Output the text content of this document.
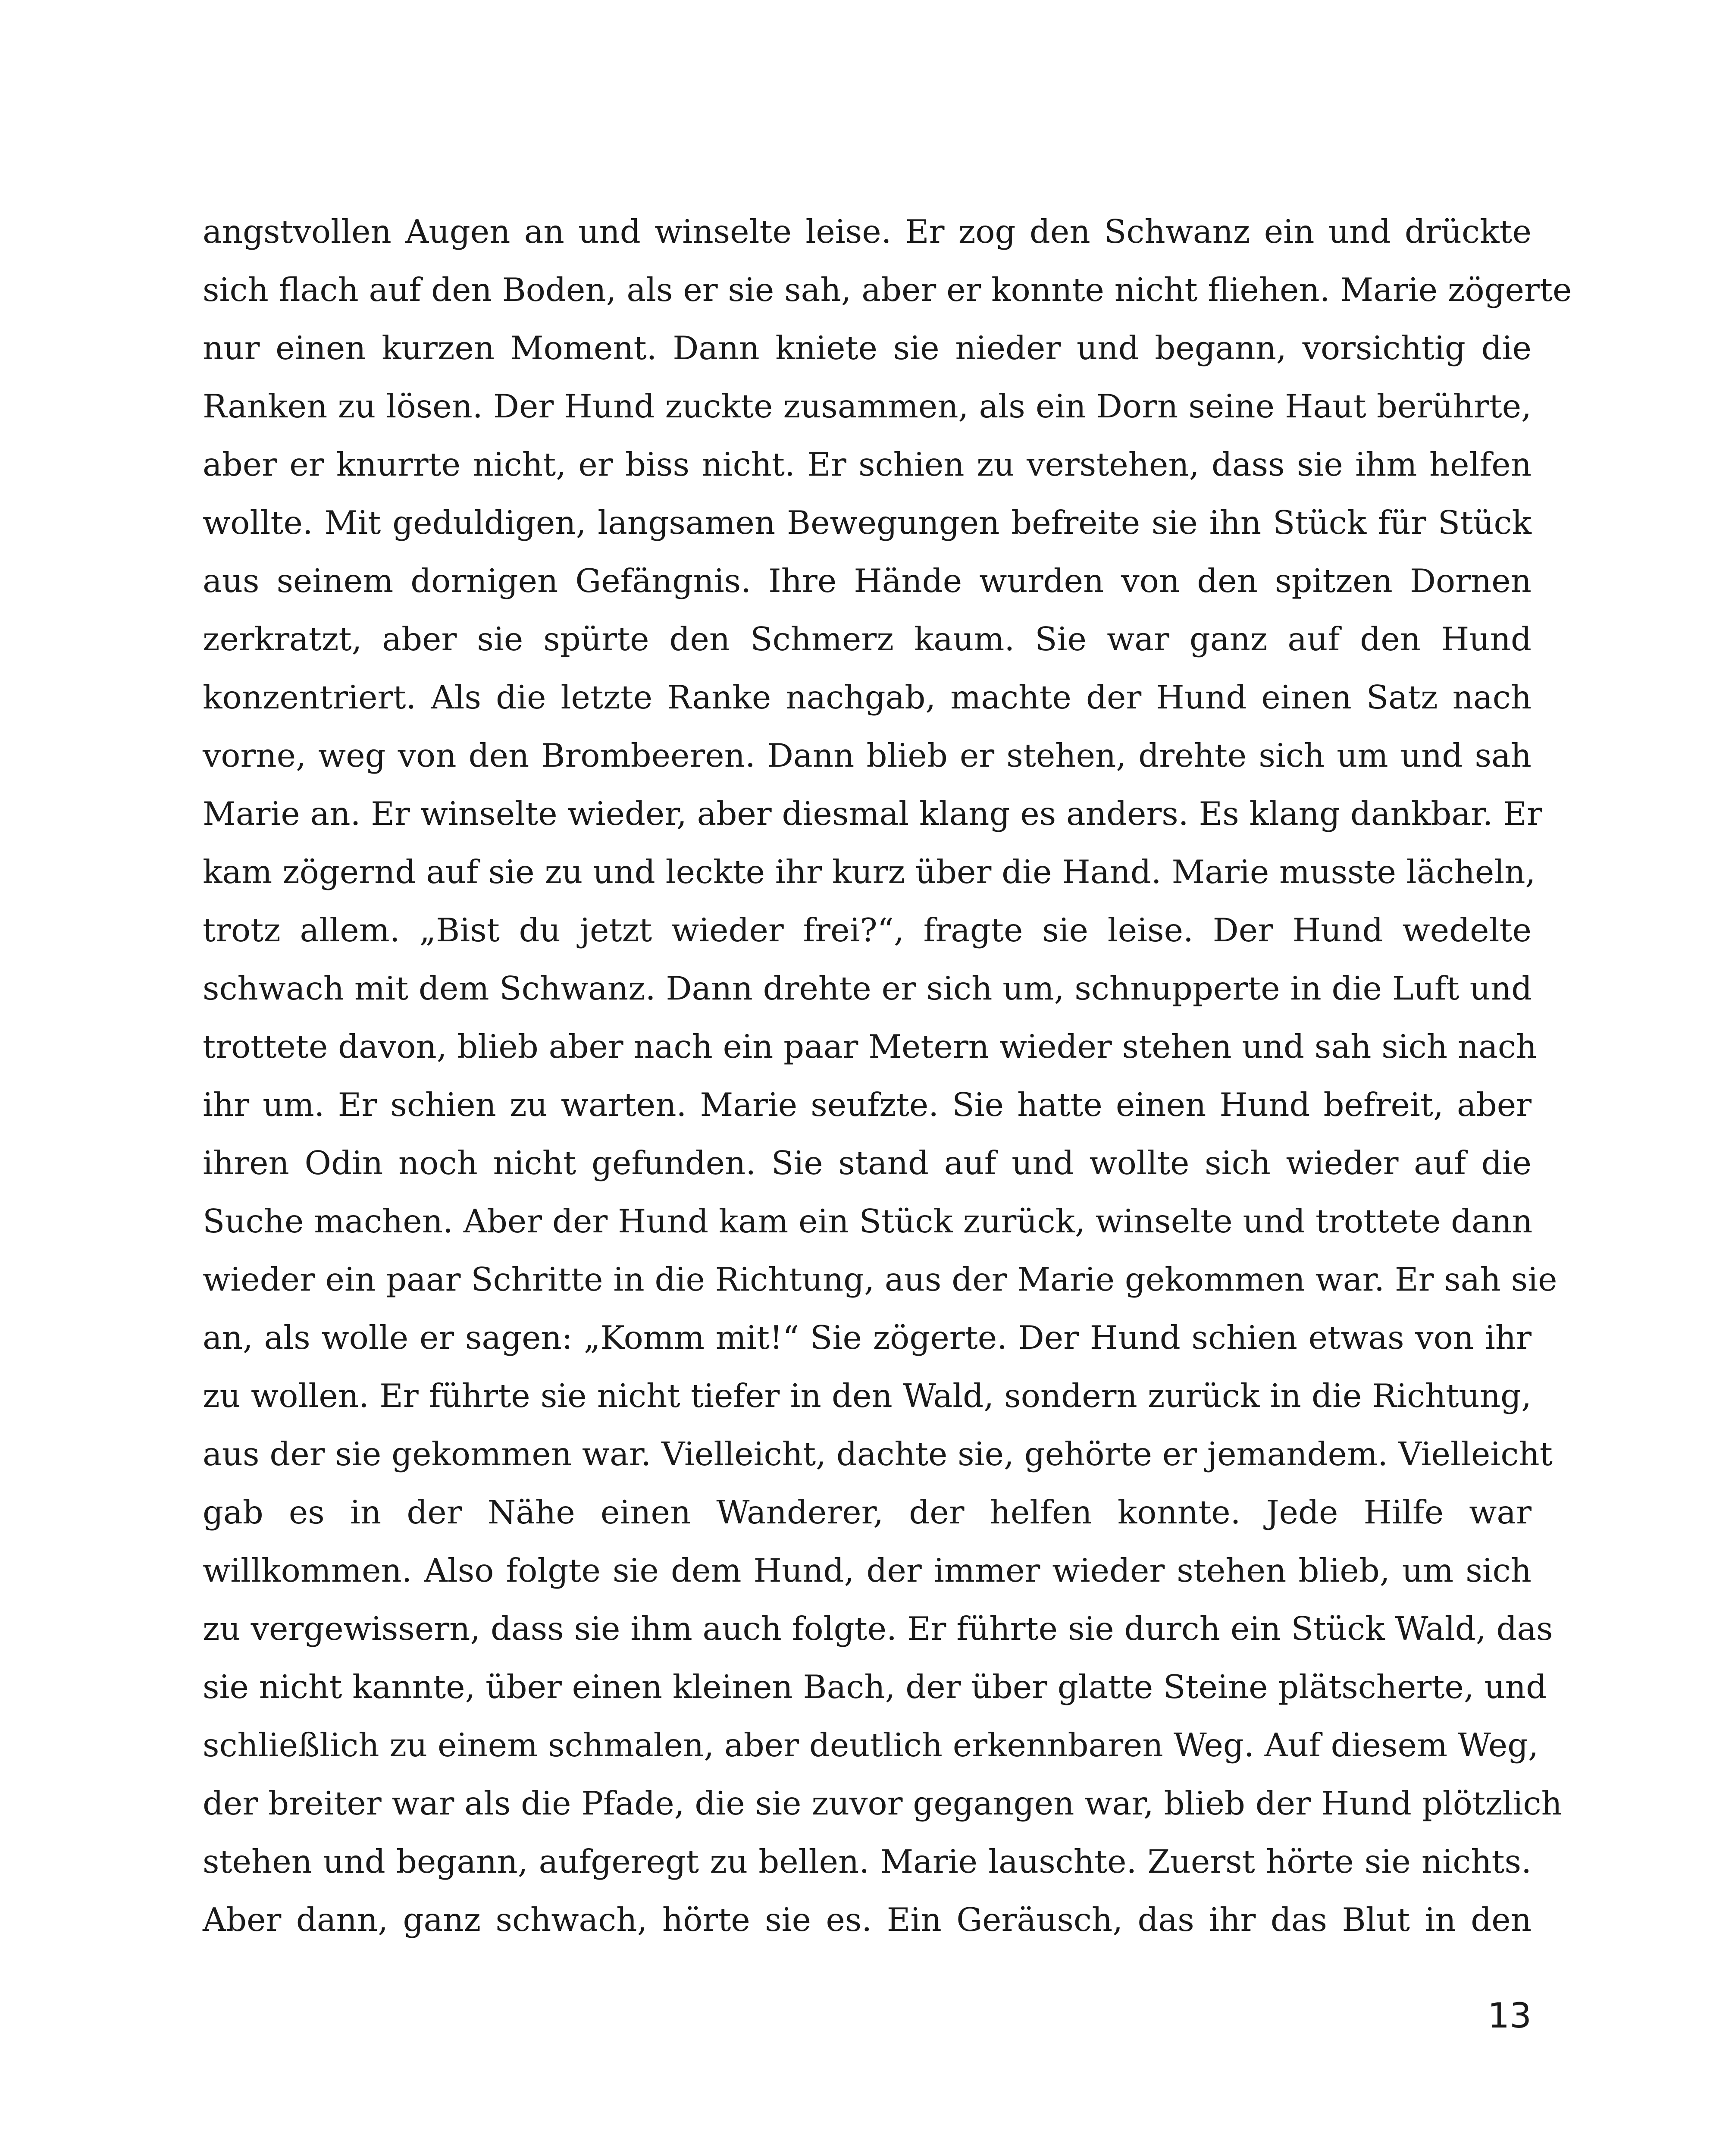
angstvollen Augen an und winselte leise. Er zog den Schwanz ein und drückte
sich flach auf den Boden, als er sie sah, aber er konnte nicht fliehen. Marie zögerte
nur einen kurzen Moment. Dann kniete sie nieder und begann, vorsichtig die
Ranken zu lösen. Der Hund zuckte zusammen, als ein Dorn seine Haut berührte,
aber er knurrte nicht, er biss nicht. Er schien zu verstehen, dass sie ihm helfen
wollte. Mit geduldigen, langsamen Bewegungen befreite sie ihn Stück für Stück
aus seinem dornigen Gefängnis. Ihre Hände wurden von den spitzen Dornen
zerkratzt, aber sie spürte den Schmerz kaum. Sie war ganz auf den Hund
konzentriert. Als die letzte Ranke nachgab, machte der Hund einen Satz nach
vorne, weg von den Brombeeren. Dann blieb er stehen, drehte sich um und sah
Marie an. Er winselte wieder, aber diesmal klang es anders. Es klang dankbar. Er
kam zögernd auf sie zu und leckte ihr kurz über die Hand. Marie musste lächeln,
trotz allem. „Bist du jetzt wieder frei?“, fragte sie leise. Der Hund wedelte
schwach mit dem Schwanz. Dann drehte er sich um, schnupperte in die Luft und
trottete davon, blieb aber nach ein paar Metern wieder stehen und sah sich nach
ihr um. Er schien zu warten. Marie seufzte. Sie hatte einen Hund befreit, aber
ihren Odin noch nicht gefunden. Sie stand auf und wollte sich wieder auf die
Suche machen. Aber der Hund kam ein Stück zurück, winselte und trottete dann
wieder ein paar Schritte in die Richtung, aus der Marie gekommen war. Er sah sie
an, als wolle er sagen: „Komm mit!“ Sie zögerte. Der Hund schien etwas von ihr
zu wollen. Er führte sie nicht tiefer in den Wald, sondern zurück in die Richtung,
aus der sie gekommen war. Vielleicht, dachte sie, gehörte er jemandem. Vielleicht
gab es in der Nähe einen Wanderer, der helfen konnte. Jede Hilfe war
willkommen. Also folgte sie dem Hund, der immer wieder stehen blieb, um sich
zu vergewissern, dass sie ihm auch folgte. Er führte sie durch ein Stück Wald, das
sie nicht kannte, über einen kleinen Bach, der über glatte Steine plätscherte, und
schließlich zu einem schmalen, aber deutlich erkennbaren Weg. Auf diesem Weg,
der breiter war als die Pfade, die sie zuvor gegangen war, blieb der Hund plötzlich
stehen und begann, aufgeregt zu bellen. Marie lauschte. Zuerst hörte sie nichts.
Aber dann, ganz schwach, hörte sie es. Ein Geräusch, das ihr das Blut in den
13
